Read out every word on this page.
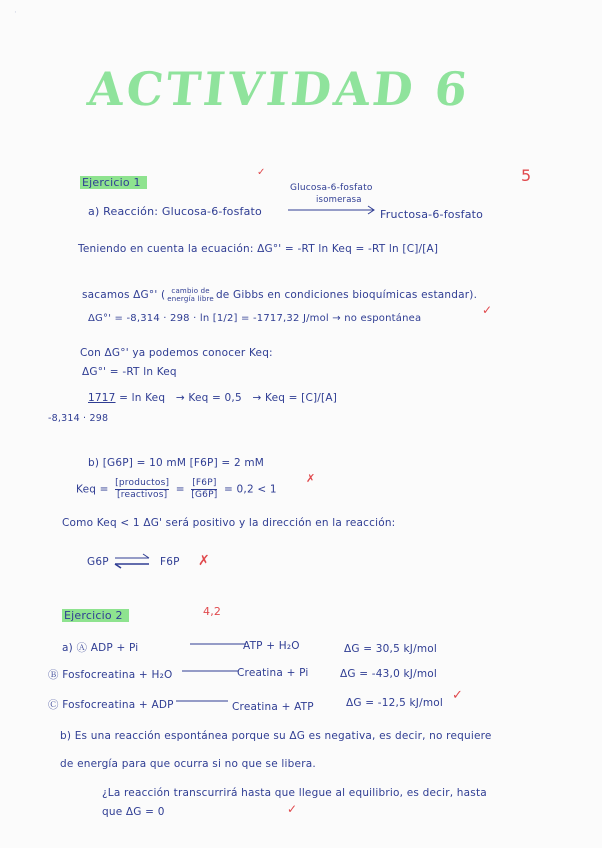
·
ACTIVIDAD 6
5
Ejercicio 1
✓
Glucosa-6-fosfato
isomerasa
a) Reacción: Glucosa-6-fosfato	Fructosa-6-fosfato
Teniendo en cuenta la ecuación: ΔG°' = -RT ln Keq = -RT ln [C]/[A]
sacamos ΔG°' ( cambio de
energía libre de Gibbs en condiciones bioquímicas estandar).
ΔG°' = -8,314 · 298 · ln [1/2] = -1717,32 J/mol → no espontánea
✓
Con ΔG°' ya podemos conocer Keq:
ΔG°' = -RT ln Keq
1717 = ln Keq   → Keq = 0,5   → Keq = [C]/[A]
-8,314 · 298
b) [G6P] = 10 mM [F6P] = 2 mM
Keq =
[productos]
[reactivos] = $\frac{[F6P]}{[G6P]} = 0,2 < 1$
✗
Como Keq < 1 ΔG' será positivo y la dirección en la reacción:
G6P ⇌ F6P ✗
Ejercicio 2	4,2
a) Ⓐ ADP + Pi	ATP + H₂O	ΔG = 30,5 kJ/mol
Ⓑ Fosfocreatina + H₂O	Creatina + Pi	ΔG = -43,0 kJ/mol
Ⓒ Fosfocreatina + ADP	Creatina + ATP	ΔG = -12,5 kJ/mol ✓
b) Es una reacción espontánea porque su ΔG es negativa, es decir, no requiere
de energía para que ocurra si no que se libera.
¿La reacción transcurrirá hasta que llegue al equilibrio, es decir, hasta
que ΔG = 0	✓
